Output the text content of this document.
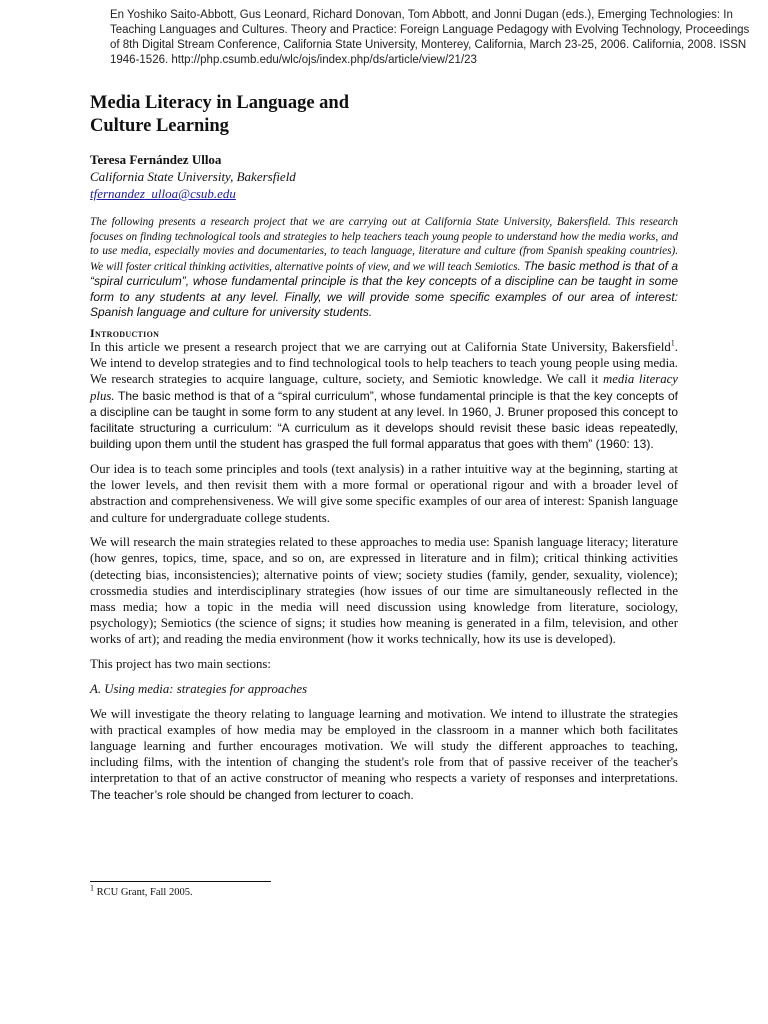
En Yoshiko Saito-Abbott, Gus Leonard, Richard Donovan, Tom Abbott, and Jonni Dugan (eds.), Emerging Technologies: In Teaching Languages and Cultures. Theory and Practice: Foreign Language Pedagogy with Evolving Technology, Proceedings of 8th Digital Stream Conference, California State University, Monterey, California, March 23-25, 2006. California, 2008. ISSN 1946-1526. http://php.csumb.edu/wlc/ojs/index.php/ds/article/view/21/23
Media Literacy in Language and
Culture Learning

Teresa Fernández Ulloa

California State University, Bakersfield

tfernandez_ulloa@csub.edu

The following presents a research project that we are carrying out at California State University, Bakersfield. This research focuses on finding technological tools and strategies to help teachers teach young people to understand how the media works, and to use media, especially movies and documentaries, to teach language, literature and culture (from Spanish speaking countries). We will foster critical thinking activities, alternative points of view, and we will teach Semiotics. The basic method is that of a “spiral curriculum”, whose fundamental principle is that the key concepts of a discipline can be taught in some form to any students at any level. Finally, we will provide some specific examples of our area of interest: Spanish language and culture for university students.

Introduction

In this article we present a research project that we are carrying out at California State University, Bakersfield$^1$. We intend to develop strategies and to find technological tools to help teachers to teach young people using media. We research strategies to acquire language, culture, society, and Semiotic knowledge. We call it media literacy plus. The basic method is that of a “spiral curriculum”, whose fundamental principle is that the key concepts of a discipline can be taught in some form to any student at any level. In 1960, J. Bruner proposed this concept to facilitate structuring a curriculum: “A curriculum as it develops should revisit these basic ideas repeatedly, building upon them until the student has grasped the full formal apparatus that goes with them” (1960: 13).

Our idea is to teach some principles and tools (text analysis) in a rather intuitive way at the beginning, starting at the lower levels, and then revisit them with a more formal or operational rigour and with a broader level of abstraction and comprehensiveness. We will give some specific examples of our area of interest: Spanish language and culture for undergraduate college students.

We will research the main strategies related to these approaches to media use: Spanish language literacy; literature (how genres, topics, time, space, and so on, are expressed in literature and in film); critical thinking activities (detecting bias, inconsistencies); alternative points of view; society studies (family, gender, sexuality, violence); crossmedia studies and interdisciplinary strategies (how issues of our time are simultaneously reflected in the mass media; how a topic in the media will need discussion using knowledge from literature, sociology, psychology); Semiotics (the science of signs; it studies how meaning is generated in a film, television, and other works of art); and reading the media environment (how it works technically, how its use is developed).

This project has two main sections:

A. Using media: strategies for approaches

We will investigate the theory relating to language learning and motivation. We intend to illustrate the strategies with practical examples of how media may be employed in the classroom in a manner which both facilitates language learning and further encourages motivation. We will study the different approaches to teaching, including films, with the intention of changing the student's role from that of passive receiver of the teacher's interpretation to that of an active constructor of meaning who respects a variety of responses and interpretations. The teacher’s role should be changed from lecturer to coach.

$^1$ RCU Grant, Fall 2005.
